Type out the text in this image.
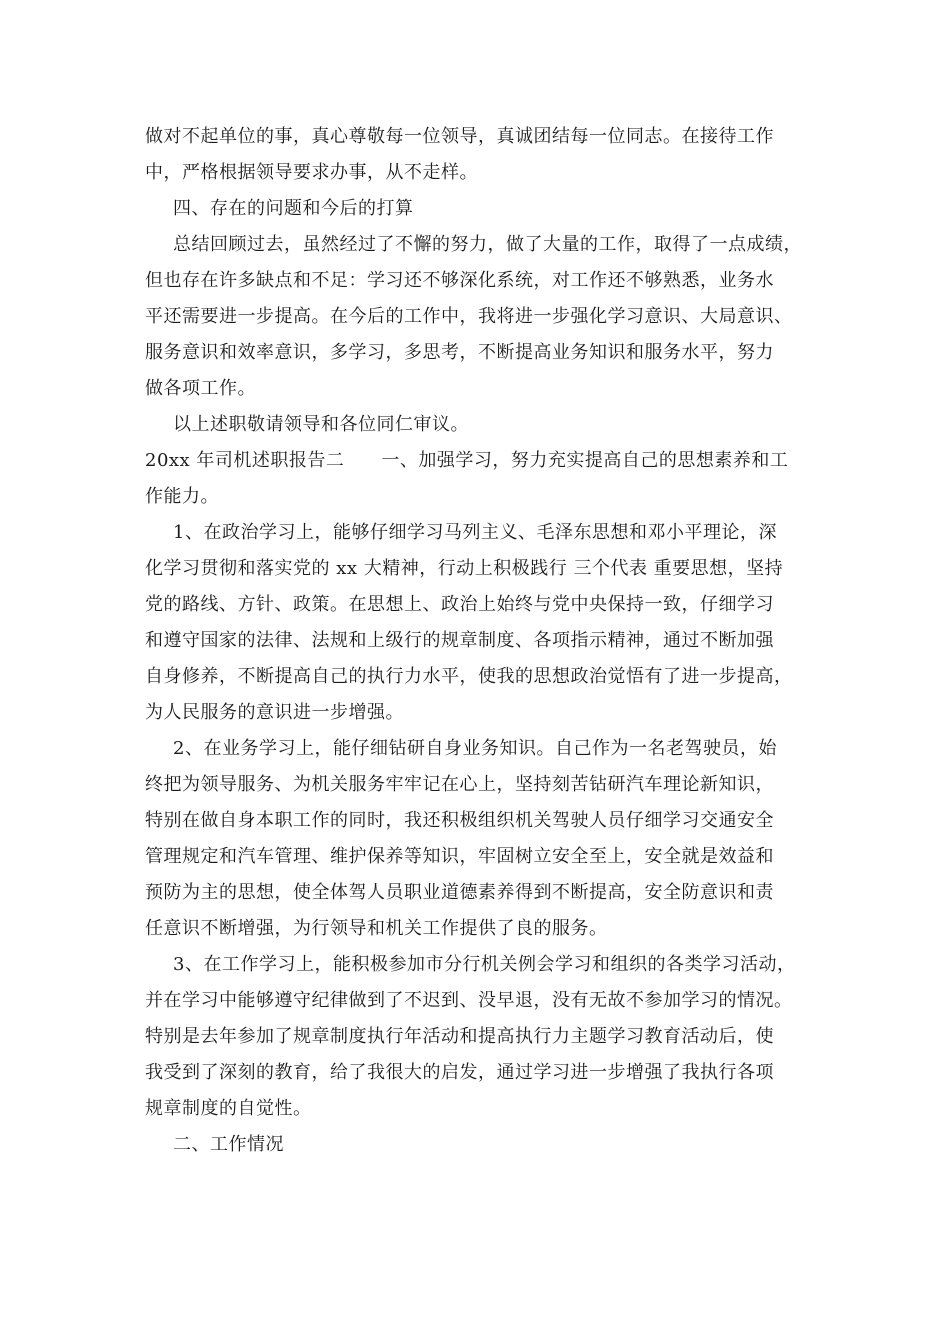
做对不起单位的事，真心尊敬每一位领导，真诚团结每一位同志。在接待工作
中，严格根据领导要求办事，从不走样。
四、存在的问题和今后的打算
总结回顾过去，虽然经过了不懈的努力，做了大量的工作，取得了一点成绩，
但也存在许多缺点和不足：学习还不够深化系统，对工作还不够熟悉，业务水
平还需要进一步提高。在今后的工作中，我将进一步强化学习意识、大局意识、
服务意识和效率意识，多学习，多思考，不断提高业务知识和服务水平，努力
做各项工作。
以上述职敬请领导和各位同仁审议。
20xx 年司机述职报告二　　一、加强学习，努力充实提高自己的思想素养和工
作能力。
1、在政治学习上，能够仔细学习马列主义、毛泽东思想和邓小平理论，深
化学习贯彻和落实党的 xx 大精神，行动上积极践行 三个代表 重要思想，坚持
党的路线、方针、政策。在思想上、政治上始终与党中央保持一致，仔细学习
和遵守国家的法律、法规和上级行的规章制度、各项指示精神，通过不断加强
自身修养，不断提高自己的执行力水平，使我的思想政治觉悟有了进一步提高，
为人民服务的意识进一步增强。
2、在业务学习上，能仔细钻研自身业务知识。自己作为一名老驾驶员，始
终把为领导服务、为机关服务牢牢记在心上，坚持刻苦钻研汽车理论新知识，
特别在做自身本职工作的同时，我还积极组织机关驾驶人员仔细学习交通安全
管理规定和汽车管理、维护保养等知识，牢固树立安全至上，安全就是效益和
预防为主的思想，使全体驾人员职业道德素养得到不断提高，安全防意识和责
任意识不断增强，为行领导和机关工作提供了良的服务。
3、在工作学习上，能积极参加市分行机关例会学习和组织的各类学习活动，
并在学习中能够遵守纪律做到了不迟到、没早退，没有无故不参加学习的情况。
特别是去年参加了规章制度执行年活动和提高执行力主题学习教育活动后，使
我受到了深刻的教育，给了我很大的启发，通过学习进一步增强了我执行各项
规章制度的自觉性。
二、工作情况
